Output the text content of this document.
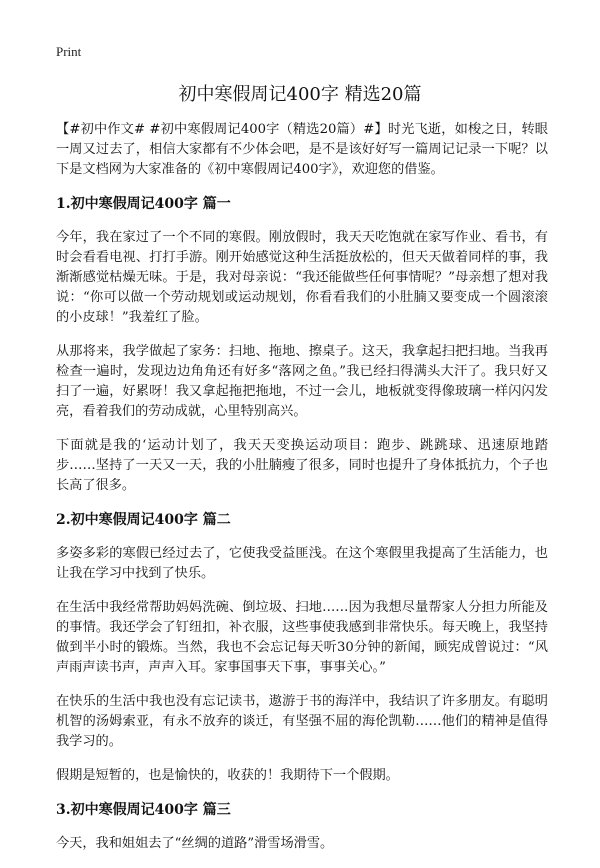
Print
初中寒假周记400字 精选20篇

【#初中作文# #初中寒假周记400字（精选20篇）#】时光飞逝，如梭之日，转眼一周又过去了，相信大家都有不少体会吧，是不是该好好写一篇周记记录一下呢？以下是文档网为大家准备的《初中寒假周记400字》，欢迎您的借鉴。

1.初中寒假周记400字 篇一

今年，我在家过了一个不同的寒假。刚放假时，我天天吃饱就在家写作业、看书，有时会看看电视、打打手游。刚开始感觉这种生活挺放松的，但天天做着同样的事，我渐渐感觉枯燥无味。于是，我对母亲说：“我还能做些任何事情呢？”母亲想了想对我说：“你可以做一个劳动规划或运动规划，你看看我们的小肚腩又要变成一个圆滚滚的小皮球！”我羞红了脸。

从那将来，我学做起了家务：扫地、拖地、擦桌子。这天，我拿起扫把扫地。当我再检查一遍时，发现边边角角还有好多“落网之鱼。”我已经扫得满头大汗了。我只好又扫了一遍，好累呀！我又拿起拖把拖地，不过一会儿，地板就变得像玻璃一样闪闪发亮，看着我们的劳动成就，心里特别高兴。

下面就是我的‘运动计划了，我天天变换运动项目：跑步、跳跳球、迅速原地踏步……坚持了一天又一天，我的小肚腩瘦了很多，同时也提升了身体抵抗力，个子也长高了很多。

2.初中寒假周记400字 篇二

多姿多彩的寒假已经过去了，它使我受益匪浅。在这个寒假里我提高了生活能力，也让我在学习中找到了快乐。

在生活中我经常帮助妈妈洗碗、倒垃圾、扫地……因为我想尽量帮家人分担力所能及的事情。我还学会了钉纽扣，补衣服，这些事使我感到非常快乐。每天晚上，我坚持做到半小时的锻炼。当然，我也不会忘记每天听30分钟的新闻，顾宪成曾说过：“风声雨声读书声，声声入耳。家事国事天下事，事事关心。”

在快乐的生活中我也没有忘记读书，遨游于书的海洋中，我结识了许多朋友。有聪明机智的汤姆索亚，有永不放弃的谈迁，有坚强不屈的海伦凯勒……他们的精神是值得我学习的。

假期是短暂的，也是愉快的，收获的！我期待下一个假期。

3.初中寒假周记400字 篇三

今天，我和姐姐去了“丝绸的道路”滑雪场滑雪。
